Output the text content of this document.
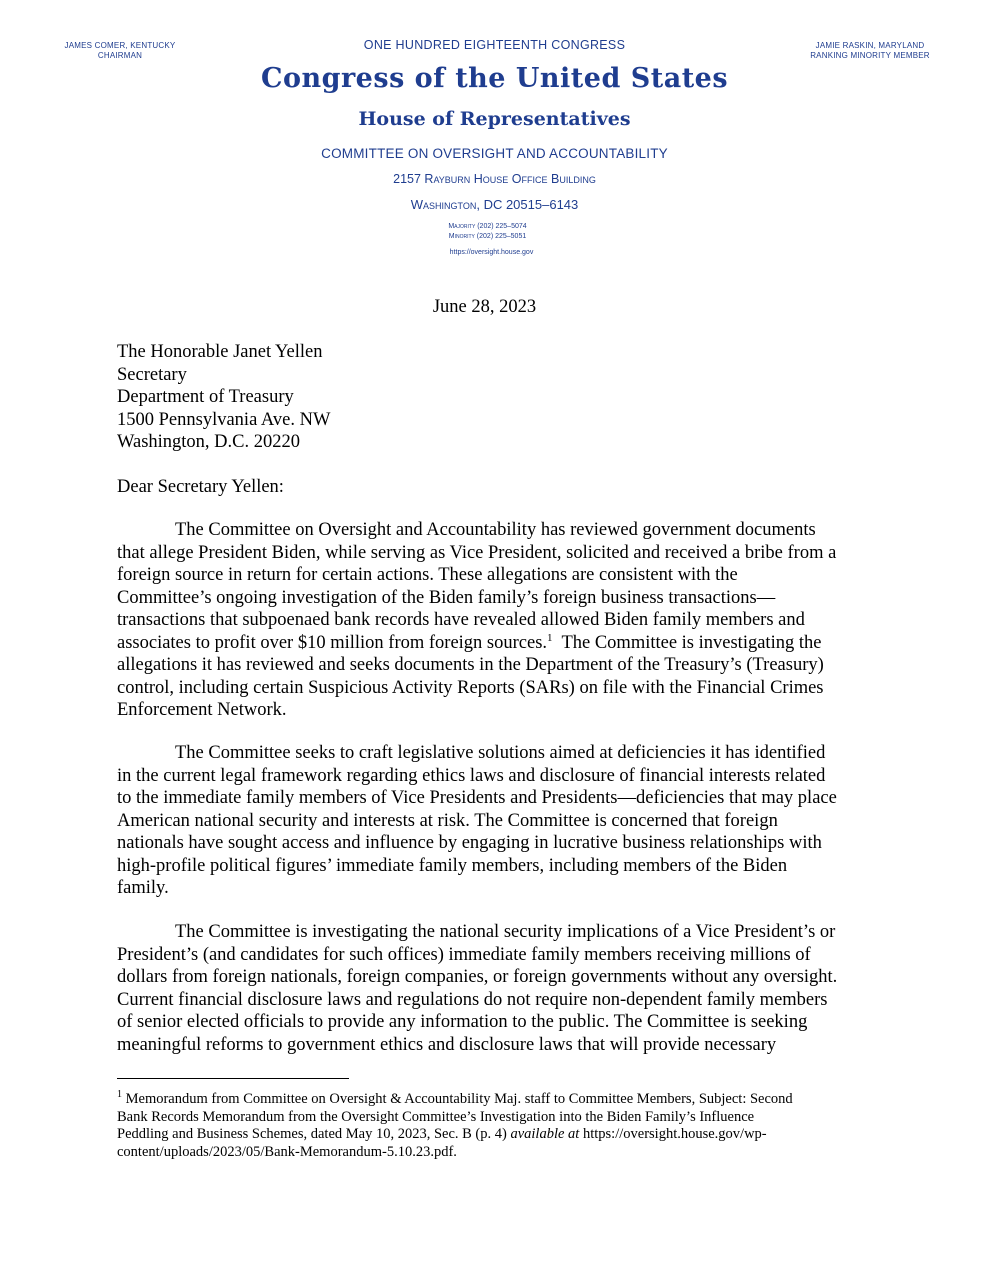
JAMES COMER, KENTUCKY
CHAIRMAN
JAMIE RASKIN, MARYLAND
RANKING MINORITY MEMBER
ONE HUNDRED EIGHTEENTH CONGRESS
Congress of the United States
House of Representatives
COMMITTEE ON OVERSIGHT AND ACCOUNTABILITY
2157 Rayburn House Office Building
Washington, DC 20515–6143
Majority (202) 225–5074
Minority (202) 225–5051
https://oversight.house.gov
June 28, 2023
The Honorable Janet Yellen
Secretary
Department of Treasury
1500 Pennsylvania Ave. NW
Washington, D.C. 20220
Dear Secretary Yellen:
The Committee on Oversight and Accountability has reviewed government documents
that allege President Biden, while serving as Vice President, solicited and received a bribe from a
foreign source in return for certain actions. These allegations are consistent with the
Committee’s ongoing investigation of the Biden family’s foreign business transactions—
transactions that subpoenaed bank records have revealed allowed Biden family members and
associates to profit over $10 million from foreign sources.$^1$  The Committee is investigating the
allegations it has reviewed and seeks documents in the Department of the Treasury’s (Treasury)
control, including certain Suspicious Activity Reports (SARs) on file with the Financial Crimes
Enforcement Network.
The Committee seeks to craft legislative solutions aimed at deficiencies it has identified
in the current legal framework regarding ethics laws and disclosure of financial interests related
to the immediate family members of Vice Presidents and Presidents—deficiencies that may place
American national security and interests at risk. The Committee is concerned that foreign
nationals have sought access and influence by engaging in lucrative business relationships with
high-profile political figures’ immediate family members, including members of the Biden
family.
The Committee is investigating the national security implications of a Vice President’s or
President’s (and candidates for such offices) immediate family members receiving millions of
dollars from foreign nationals, foreign companies, or foreign governments without any oversight.
Current financial disclosure laws and regulations do not require non-dependent family members
of senior elected officials to provide any information to the public. The Committee is seeking
meaningful reforms to government ethics and disclosure laws that will provide necessary
$^1$ Memorandum from Committee on Oversight & Accountability Maj. staff to Committee Members, Subject: Second
Bank Records Memorandum from the Oversight Committee’s Investigation into the Biden Family’s Influence
Peddling and Business Schemes, dated May 10, 2023, Sec. B (p. 4) available at https://oversight.house.gov/wp-
content/uploads/2023/05/Bank-Memorandum-5.10.23.pdf.
